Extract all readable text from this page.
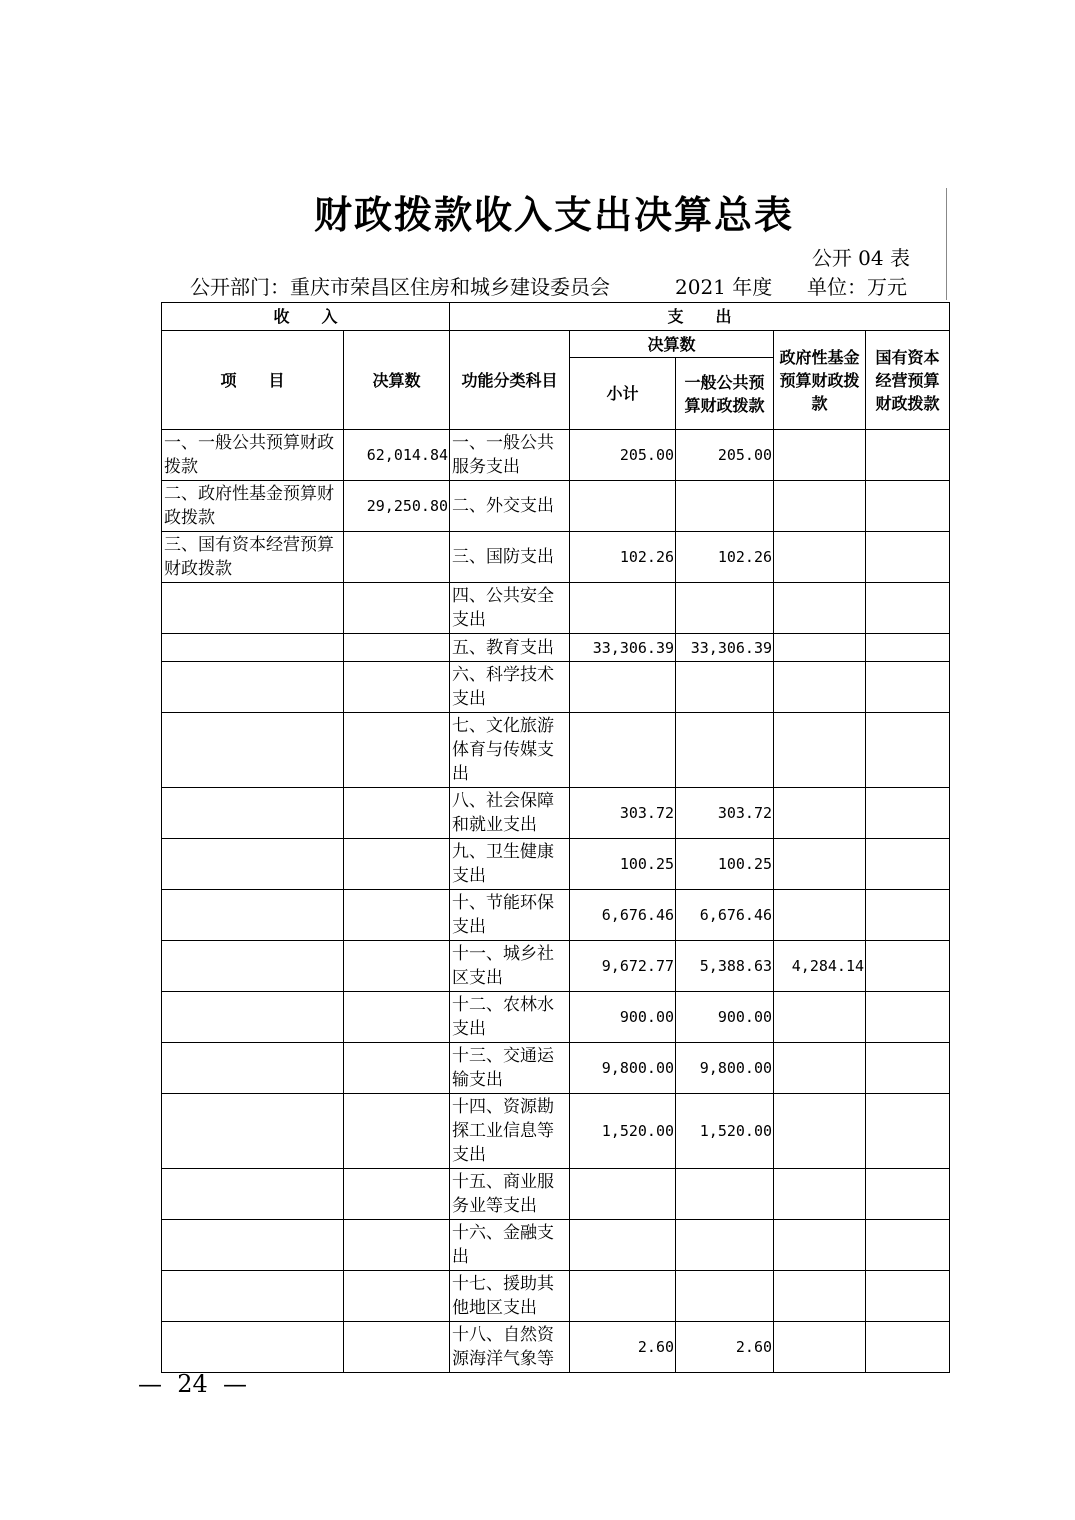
财政拨款收入支出决算总表
公开 04 表
公开部门：重庆市荣昌区住房和城乡建设委员会	2021 年度 单位：万元
收　　入		支　　出				
项　　目	决算数	功能分类科目	决算数		政府性基金预算财政拨款	国有资本经营预算财政拨款
			小计	一般公共预算财政拨款		
一、一般公共预算财政拨款	62,014.84	一、一般公共服务支出	205.00	205.00		
二、政府性基金预算财政拨款	29,250.80	二、外交支出				
三、国有资本经营预算财政拨款		三、国防支出	102.26	102.26		
		四、公共安全支出				
		五、教育支出	33,306.39	33,306.39		
		六、科学技术支出				
		七、文化旅游体育与传媒支出				
		八、社会保障和就业支出	303.72	303.72		
		九、卫生健康支出	100.25	100.25		
		十、节能环保支出	6,676.46	6,676.46		
		十一、城乡社区支出	9,672.77	5,388.63	4,284.14	
		十二、农林水支出	900.00	900.00		
		十三、交通运输支出	9,800.00	9,800.00		
		十四、资源勘探工业信息等支出	1,520.00	1,520.00		
		十五、商业服务业等支出				
		十六、金融支出				
		十七、援助其他地区支出				
		十八、自然资源海洋气象等	2.60	2.60		
—  24  —
